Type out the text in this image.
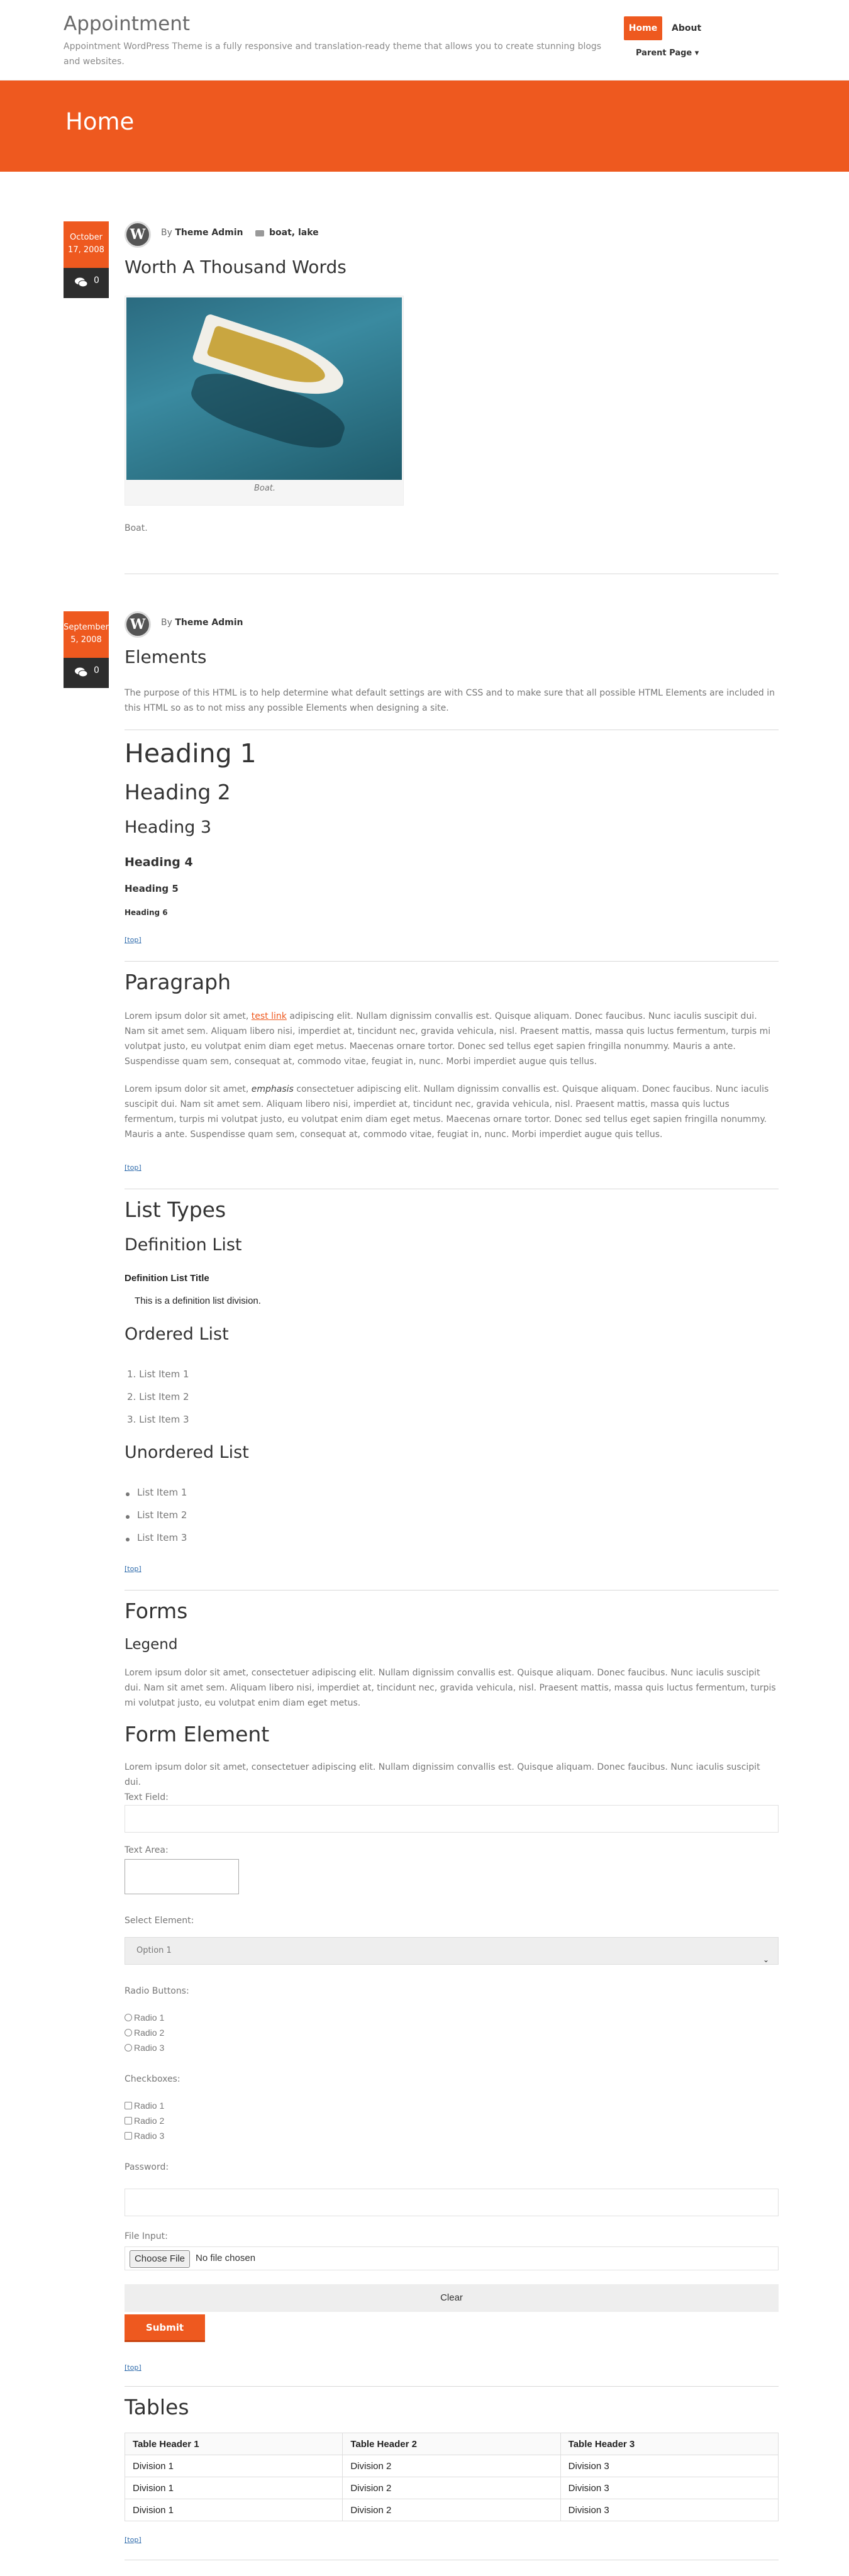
Appointment
Appointment WordPress Theme is a fully responsive and translation-ready theme that allows you to create stunning blogs and websites.
Home	About
Parent Page ▾
Home
October 17, 2008
0
W	By Theme Admin	boat, lake
Worth A Thousand Words
Boat.
Boat.
September 5, 2008
0
W	By Theme Admin
Elements
The purpose of this HTML is to help determine what default settings are with CSS and to make sure that all possible HTML Elements are included in this HTML so as to not miss any possible Elements when designing a site.
Heading 1
Heading 2
Heading 3
Heading 4
Heading 5
Heading 6
[top]
Paragraph
Lorem ipsum dolor sit amet, test link adipiscing elit. Nullam dignissim convallis est. Quisque aliquam. Donec faucibus. Nunc iaculis suscipit dui. Nam sit amet sem. Aliquam libero nisi, imperdiet at, tincidunt nec, gravida vehicula, nisl. Praesent mattis, massa quis luctus fermentum, turpis mi volutpat justo, eu volutpat enim diam eget metus. Maecenas ornare tortor. Donec sed tellus eget sapien fringilla nonummy. Mauris a ante. Suspendisse quam sem, consequat at, commodo vitae, feugiat in, nunc. Morbi imperdiet augue quis tellus.
Lorem ipsum dolor sit amet, emphasis consectetuer adipiscing elit. Nullam dignissim convallis est. Quisque aliquam. Donec faucibus. Nunc iaculis suscipit dui. Nam sit amet sem. Aliquam libero nisi, imperdiet at, tincidunt nec, gravida vehicula, nisl. Praesent mattis, massa quis luctus fermentum, turpis mi volutpat justo, eu volutpat enim diam eget metus. Maecenas ornare tortor. Donec sed tellus eget sapien fringilla nonummy. Mauris a ante. Suspendisse quam sem, consequat at, commodo vitae, feugiat in, nunc. Morbi imperdiet augue quis tellus.
[top]
List Types
Definition List
Definition List Title
This is a definition list division.
Ordered List
1. List Item 1
2. List Item 2
3. List Item 3
Unordered List
List Item 1
List Item 2
List Item 3
[top]
Forms
Legend
Lorem ipsum dolor sit amet, consectetuer adipiscing elit. Nullam dignissim convallis est. Quisque aliquam. Donec faucibus. Nunc iaculis suscipit dui. Nam sit amet sem. Aliquam libero nisi, imperdiet at, tincidunt nec, gravida vehicula, nisl. Praesent mattis, massa quis luctus fermentum, turpis mi volutpat justo, eu volutpat enim diam eget metus.
Form Element
Lorem ipsum dolor sit amet, consectetuer adipiscing elit. Nullam dignissim convallis est. Quisque aliquam. Donec faucibus. Nunc iaculis suscipit dui.
Text Field:
Text Area:
Select Element:
Option 1
⌄
Radio Buttons:
Radio 1
Radio 2
Radio 3
Checkboxes:
Radio 1
Radio 2
Radio 3
Password:
File Input:
Choose File	No file chosen
Clear
Submit
[top]
Tables
Table Header 1	Table Header 2	Table Header 3
Division 1	Division 2	Division 3
Division 1	Division 2	Division 3
Division 1	Division 2	Division 3
[top]
